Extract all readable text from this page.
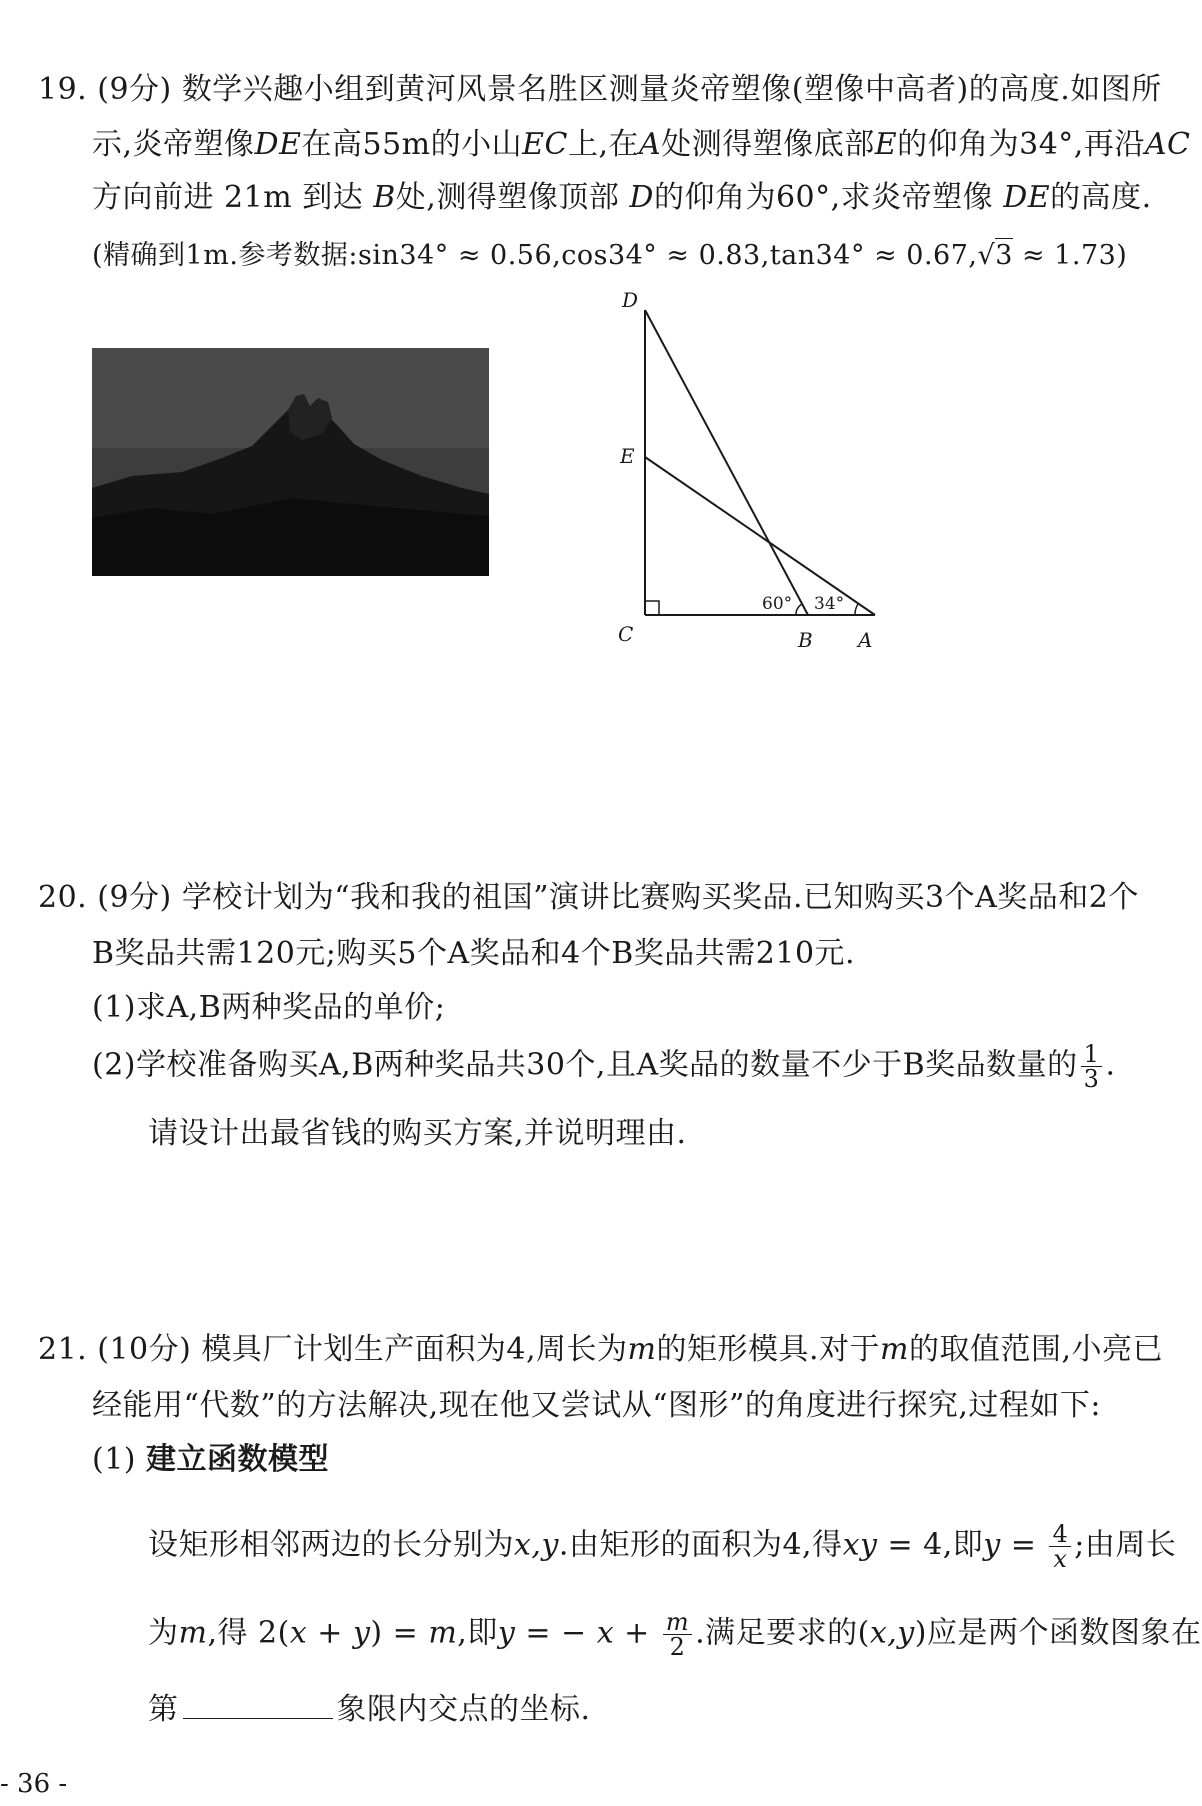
19. (9分) 数学兴趣小组到黄河风景名胜区测量炎帝塑像(塑像中高者)的高度.如图所
示,炎帝塑像DE在高55m的小山EC上,在A处测得塑像底部E的仰角为34°,再沿AC
方向前进 21m 到达 B处,测得塑像顶部 D的仰角为60°,求炎帝塑像 DE的高度.
(精确到1m.参考数据:sin34° ≈ 0.56,cos34° ≈ 0.83,tan34° ≈ 0.67,√3 ≈ 1.73)
D
E
C	B A
60° 34°
20. (9分) 学校计划为“我和我的祖国”演讲比赛购买奖品.已知购买3个A奖品和2个
B奖品共需120元;购买5个A奖品和4个B奖品共需210元.
(1)求A,B两种奖品的单价;
(2)学校准备购买A,B两种奖品共30个,且A奖品的数量不少于B奖品数量的 $\frac{1}{3}$ .
请设计出最省钱的购买方案,并说明理由.
21. (10分) 模具厂计划生产面积为4,周长为m的矩形模具.对于m的取值范围,小亮已
经能用“代数”的方法解决,现在他又尝试从“图形”的角度进行探究,过程如下:
(1) 建立函数模型
设矩形相邻两边的长分别为x,y.由矩形的面积为4,得xy = 4,即$y = \frac{4}{x}$ ;由周长
为m,得 2(x + y) = m,即y = − $x + \frac{m}{2}$ .满足要求的(x,y)应是两个函数图象在
第	象限内交点的坐标.
- 36 -
